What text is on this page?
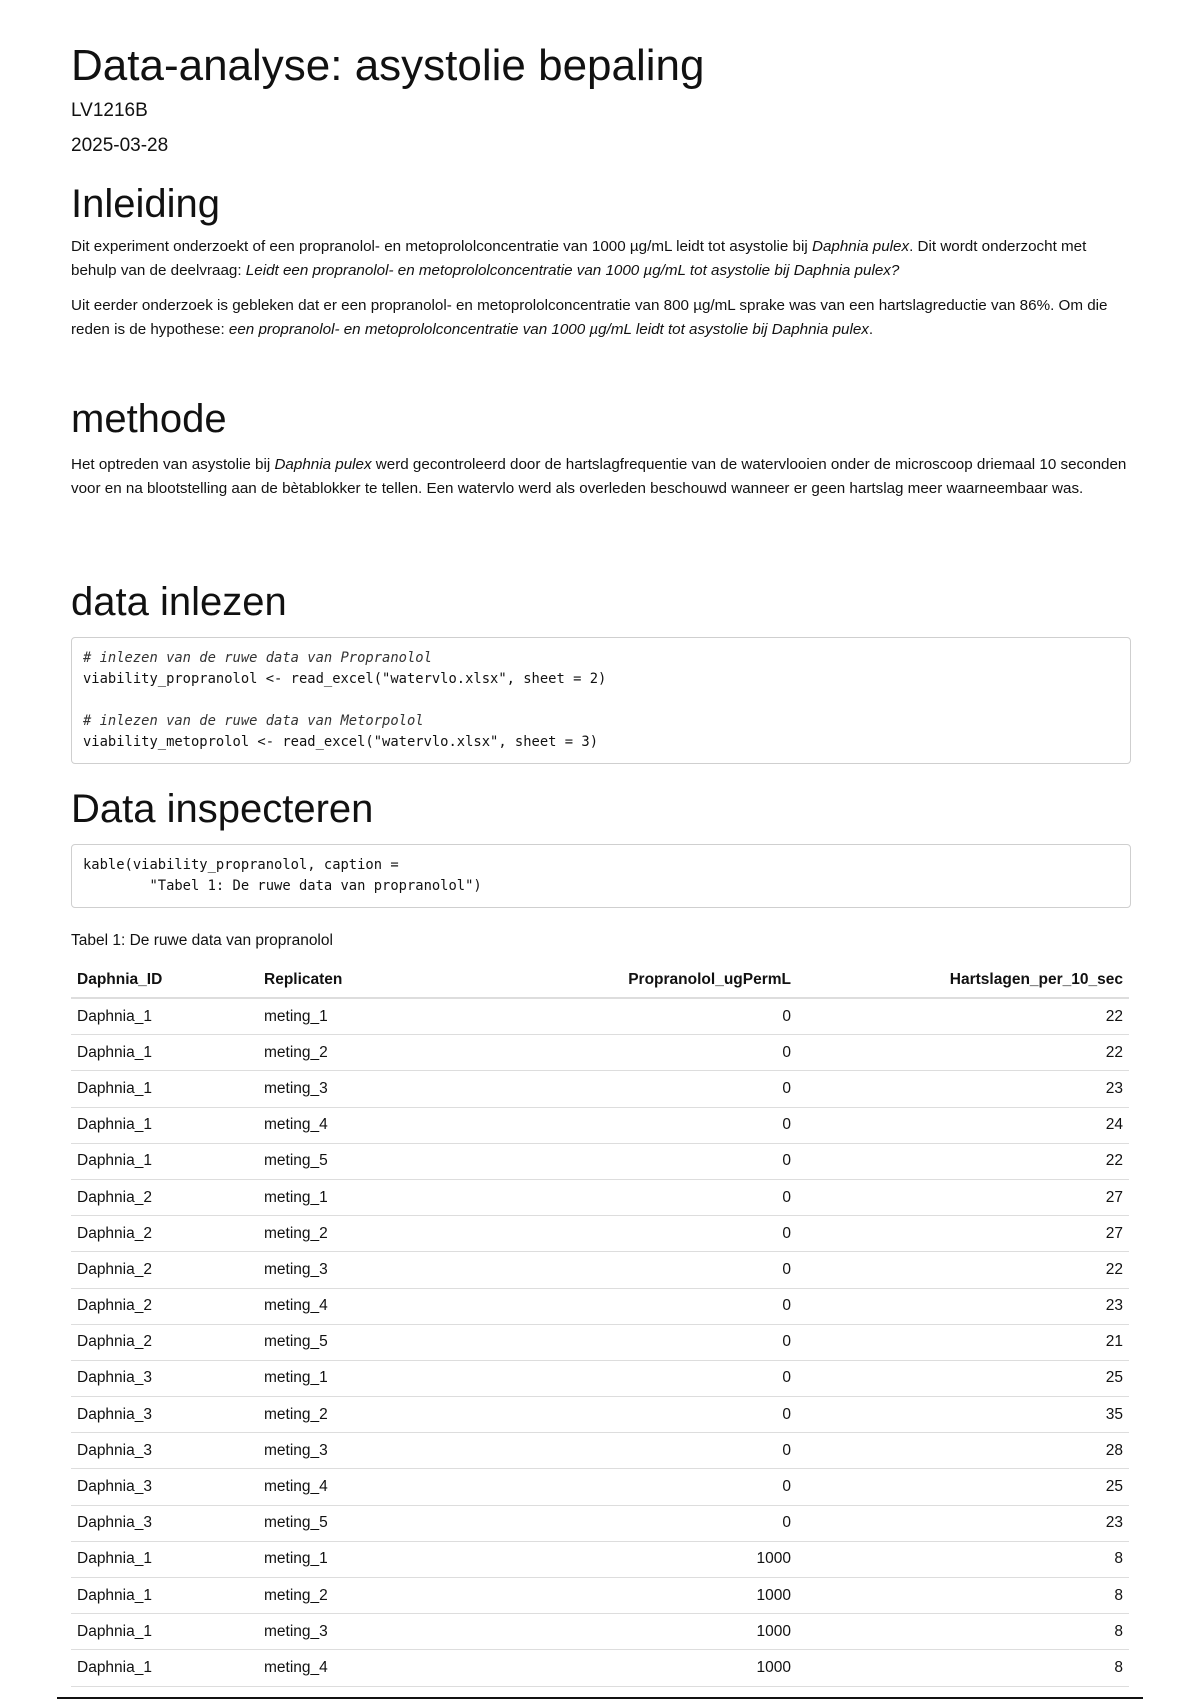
Data-analyse: asystolie bepaling
LV1216B
2025-03-28
Inleiding

Dit experiment onderzoekt of een propranolol- en metoprololconcentratie van 1000 µg/mL leidt tot asystolie bij Daphnia pulex. Dit wordt onderzocht met behulp van de deelvraag: Leidt een propranolol- en metoprololconcentratie van 1000 µg/mL tot asystolie bij Daphnia pulex?

Uit eerder onderzoek is gebleken dat er een propranolol- en metoprololconcentratie van 800 µg/mL sprake was van een hartslagreductie van 86%. Om die reden is de hypothese: een propranolol- en metoprololconcentratie van 1000 µg/mL leidt tot asystolie bij Daphnia pulex.

methode

Het optreden van asystolie bij Daphnia pulex werd gecontroleerd door de hartslagfrequentie van de watervlooien onder de microscoop driemaal 10 seconden voor en na blootstelling aan de bètablokker te tellen. Een watervlo werd als overleden beschouwd wanneer er geen hartslag meer waarneembaar was.

data inlezen
# inlezen van de ruwe data van Propranolol
viability_propranolol <- read_excel("watervlo.xlsx", sheet = 2)
# inlezen van de ruwe data van Metorpolol
viability_metoprolol <- read_excel("watervlo.xlsx", sheet = 3)
Data inspecteren
kable(viability_propranolol, caption =
"Tabel 1: De ruwe data van propranolol")
Tabel 1: De ruwe data van propranolol
Daphnia_ID	Replicaten	Propranolol_ugPermL	Hartslagen_per_10_sec
Daphnia_1	meting_1	0	22
Daphnia_1	meting_2	0	22
Daphnia_1	meting_3	0	23
Daphnia_1	meting_4	0	24
Daphnia_1	meting_5	0	22
Daphnia_2	meting_1	0	27
Daphnia_2	meting_2	0	27
Daphnia_2	meting_3	0	22
Daphnia_2	meting_4	0	23
Daphnia_2	meting_5	0	21
Daphnia_3	meting_1	0	25
Daphnia_3	meting_2	0	35
Daphnia_3	meting_3	0	28
Daphnia_3	meting_4	0	25
Daphnia_3	meting_5	0	23
Daphnia_1	meting_1	1000	8
Daphnia_1	meting_2	1000	8
Daphnia_1	meting_3	1000	8
Daphnia_1	meting_4	1000	8
